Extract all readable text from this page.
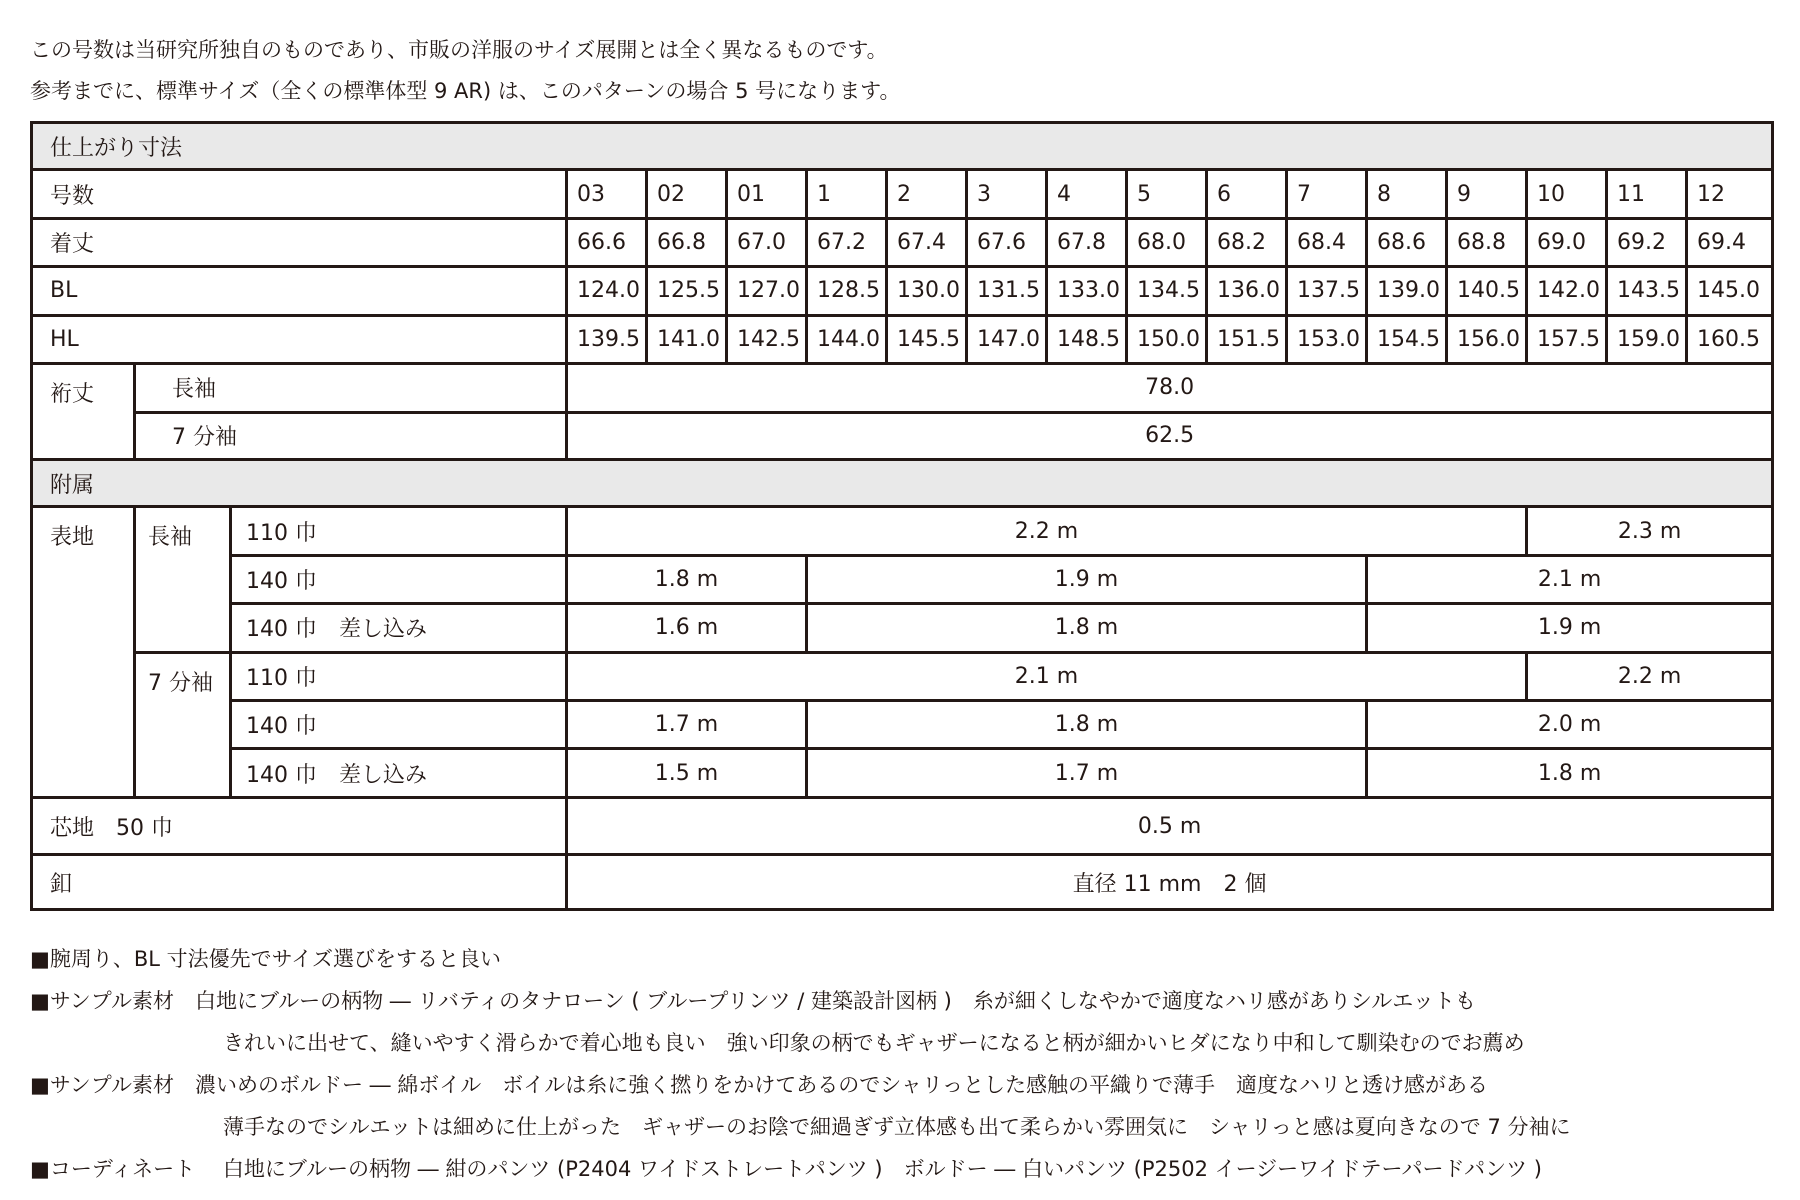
この号数は当研究所独自のものであり、市販の洋服のサイズ展開とは全く異なるものです。
参考までに、標準サイズ（全くの標準体型 9 AR) は、このパターンの場合 5 号になります。
仕上がり寸法																	
号数			03	02	01	1	2	3	4	5	6	7	8	9	10	11	12
着丈			66.6	66.8	67.0	67.2	67.4	67.6	67.8	68.0	68.2	68.4	68.6	68.8	69.0	69.2	69.4
BL			124.0	125.5	127.0	128.5	130.0	131.5	133.0	134.5	136.0	137.5	139.0	140.5	142.0	143.5	145.0
HL			139.5	141.0	142.5	144.0	145.5	147.0	148.5	150.0	151.5	153.0	154.5	156.0	157.5	159.0	160.5
裄丈	長袖		78.0														
	7 分袖		62.5														
附属																	
表地	長袖	110 巾	2.2 m												2.3 m		
		140 巾	1.8 m			1.9 m							2.1 m				
		140 巾　差し込み	1.6 m			1.8 m							1.9 m				
	7 分袖	110 巾	2.1 m												2.2 m		
		140 巾	1.7 m			1.8 m							2.0 m				
		140 巾　差し込み	1.5 m			1.7 m							1.8 m				
芯地　50 巾			0.5 m														
釦			直径 11 mm　2 個														
■腕周り、BL 寸法優先でサイズ選びをすると良い
■サンプル素材　白地にブルーの柄物 ― リバティのタナローン ( ブループリンツ / 建築設計図柄 )　糸が細くしなやかで適度なハリ感がありシルエットも
きれいに出せて、縫いやすく滑らかで着心地も良い　強い印象の柄でもギャザーになると柄が細かいヒダになり中和して馴染むのでお薦め
■サンプル素材　濃いめのボルドー ― 綿ボイル　ボイルは糸に強く撚りをかけてあるのでシャリっとした感触の平織りで薄手　適度なハリと透け感がある
薄手なのでシルエットは細めに仕上がった　ギャザーのお陰で細過ぎず立体感も出て柔らかい雰囲気に　シャリっと感は夏向きなので 7 分袖に
■コーディネート　 白地にブルーの柄物 ― 紺のパンツ (P2404 ワイドストレートパンツ )　ボルドー ― 白いパンツ (P2502 イージーワイドテーパードパンツ )
